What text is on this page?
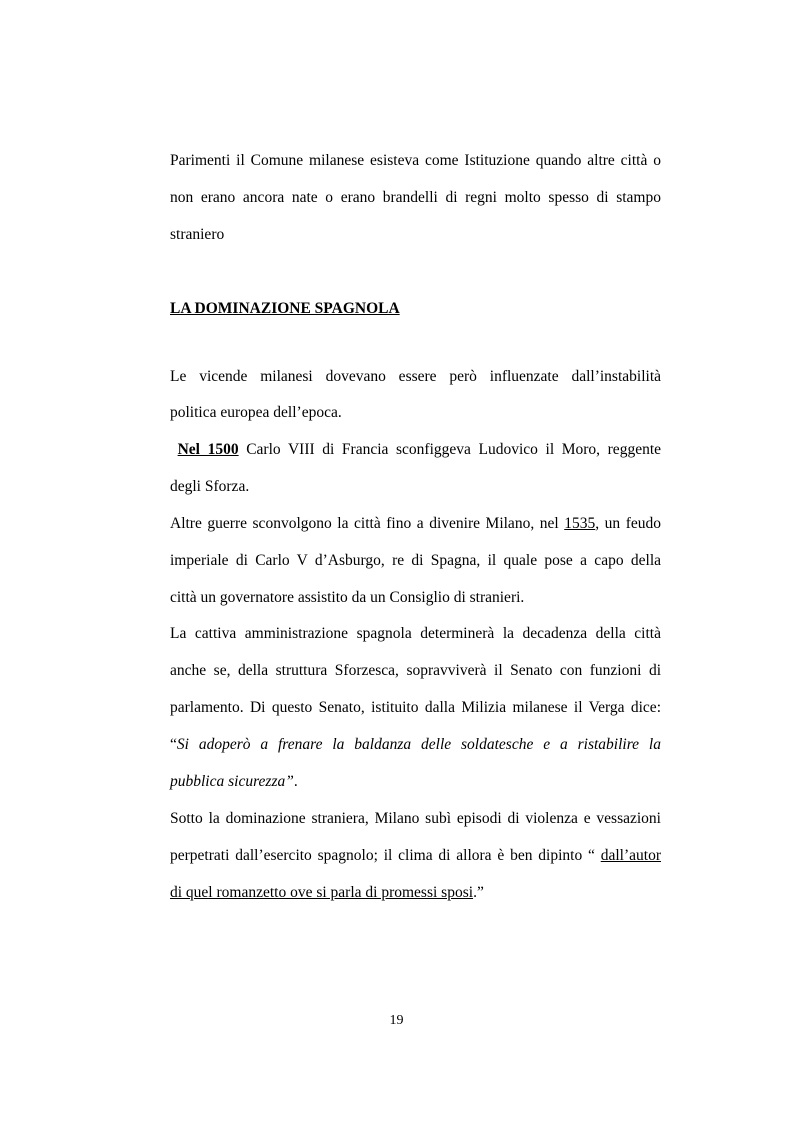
Parimenti il Comune milanese esisteva come Istituzione quando altre città o
non erano ancora nate o erano brandelli di regni molto spesso di stampo
straniero
LA DOMINAZIONE SPAGNOLA
Le vicende milanesi dovevano essere però influenzate dall’instabilità
politica europea dell’epoca.
Nel 1500 Carlo VIII di Francia sconfiggeva Ludovico il Moro, reggente
degli Sforza.
Altre guerre sconvolgono la città fino a divenire Milano, nel 1535, un feudo
imperiale di Carlo V d’Asburgo, re di Spagna, il quale pose a capo della
città un governatore assistito da un Consiglio di stranieri.
La cattiva amministrazione spagnola determinerà la decadenza della città
anche se, della struttura Sforzesca, sopravviverà il Senato con funzioni di
parlamento. Di questo Senato, istituito dalla Milizia milanese il Verga dice:
“Si adoperò a frenare la baldanza delle soldatesche e a ristabilire la
pubblica sicurezza”.
Sotto la dominazione straniera, Milano subì episodi di violenza e vessazioni
perpetrati dall’esercito spagnolo; il clima di allora è ben dipinto “ dall’autor
di quel romanzetto ove si parla di promessi sposi.”
19
